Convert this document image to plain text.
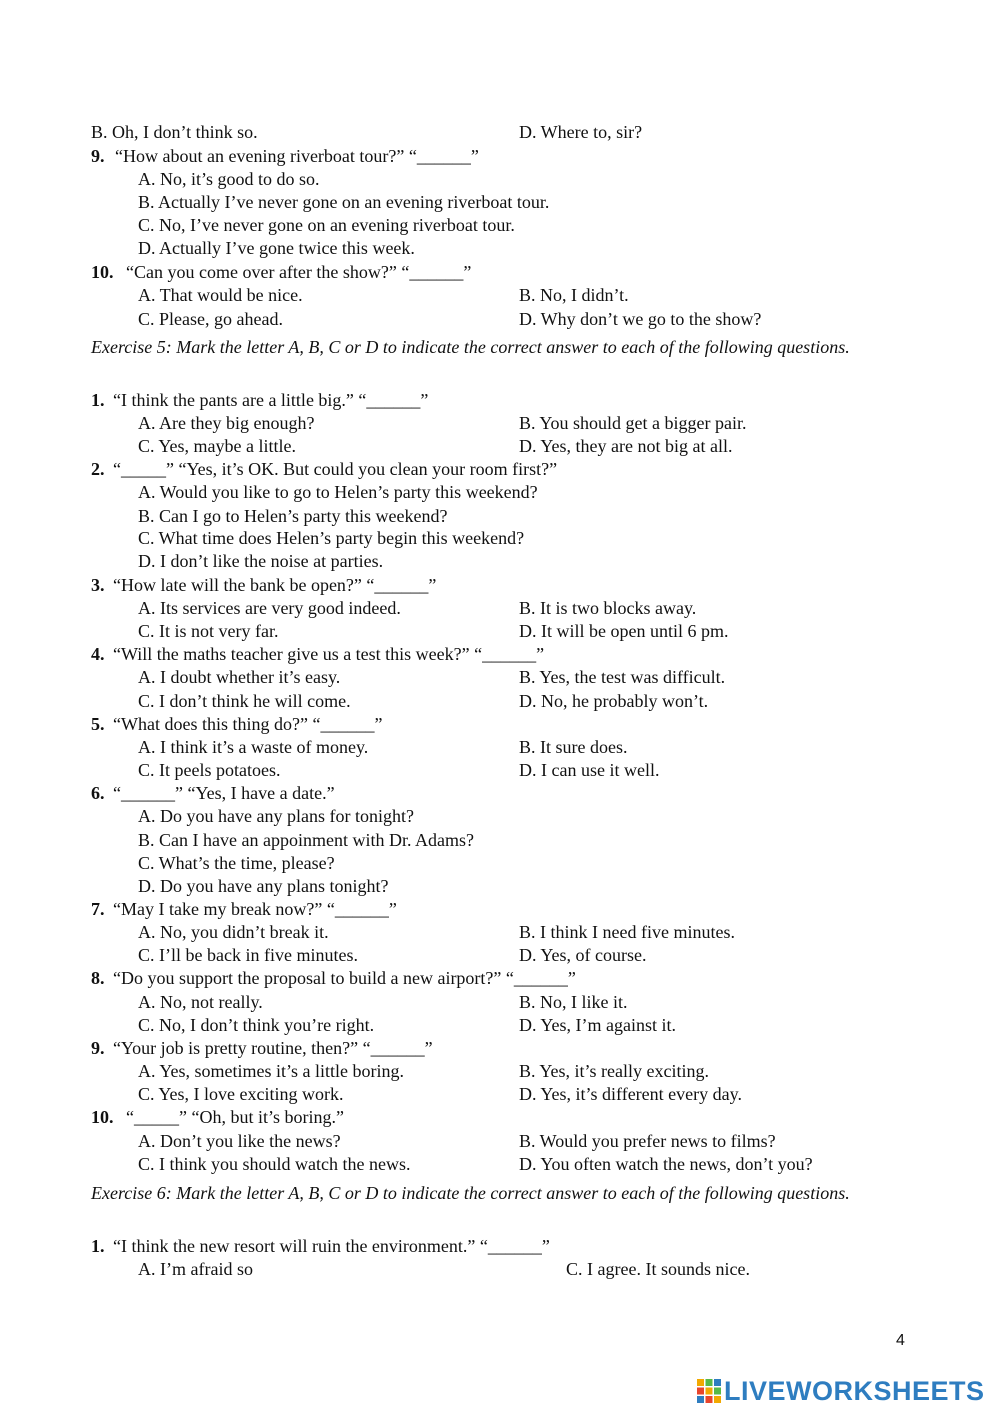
B. Oh, I don’t think so.	D. Where to, sir?
9. “How about an evening riverboat tour?” “______”
A. No, it’s good to do so.
B. Actually I’ve never gone on an evening riverboat tour.
C. No, I’ve never gone on an evening riverboat tour.
D. Actually I’ve gone twice this week.
10. “Can you come over after the show?” “______”
A. That would be nice.	B. No, I didn’t.
C. Please, go ahead.	D. Why don’t we go to the show?
Exercise 5: Mark the letter A, B, C or D to indicate the correct answer to each of the following questions.
1. “I think the pants are a little big.” “______”
A. Are they big enough?	B. You should get a bigger pair.
C. Yes, maybe a little.	D. Yes, they are not big at all.
2. “_____” “Yes, it’s OK. But could you clean your room first?”
A. Would you like to go to Helen’s party this weekend?
B. Can I go to Helen’s party this weekend?
C. What time does Helen’s party begin this weekend?
D. I don’t like the noise at parties.
3. “How late will the bank be open?” “______”
A. Its services are very good indeed.	B. It is two blocks away.
C. It is not very far.	D. It will be open until 6 pm.
4. “Will the maths teacher give us a test this week?” “______”
A. I doubt whether it’s easy.	B. Yes, the test was difficult.
C. I don’t think he will come.	D. No, he probably won’t.
5. “What does this thing do?” “______”
A. I think it’s a waste of money.	B. It sure does.
C. It peels potatoes.	D. I can use it well.
6. “______” “Yes, I have a date.”
A. Do you have any plans for tonight?
B. Can I have an appoinment with Dr. Adams?
C. What’s the time, please?
D. Do you have any plans tonight?
7. “May I take my break now?” “______”
A. No, you didn’t break it.	B. I think I need five minutes.
C. I’ll be back in five minutes.	D. Yes, of course.
8. “Do you support the proposal to build a new airport?” “______”
A. No, not really.	B. No, I like it.
C. No, I don’t think you’re right.	D. Yes, I’m against it.
9. “Your job is pretty routine, then?” “______”
A. Yes, sometimes it’s a little boring.	B. Yes, it’s really exciting.
C. Yes, I love exciting work.	D. Yes, it’s different every day.
10. “_____” “Oh, but it’s boring.”
A. Don’t you like the news?	B. Would you prefer news to films?
C. I think you should watch the news.	D. You often watch the news, don’t you?
Exercise 6: Mark the letter A, B, C or D to indicate the correct answer to each of the following questions.
1. “I think the new resort will ruin the environment.” “______”
A. I’m afraid so	C. I agree. It sounds nice.
4
LIVEWORKSHEETS
